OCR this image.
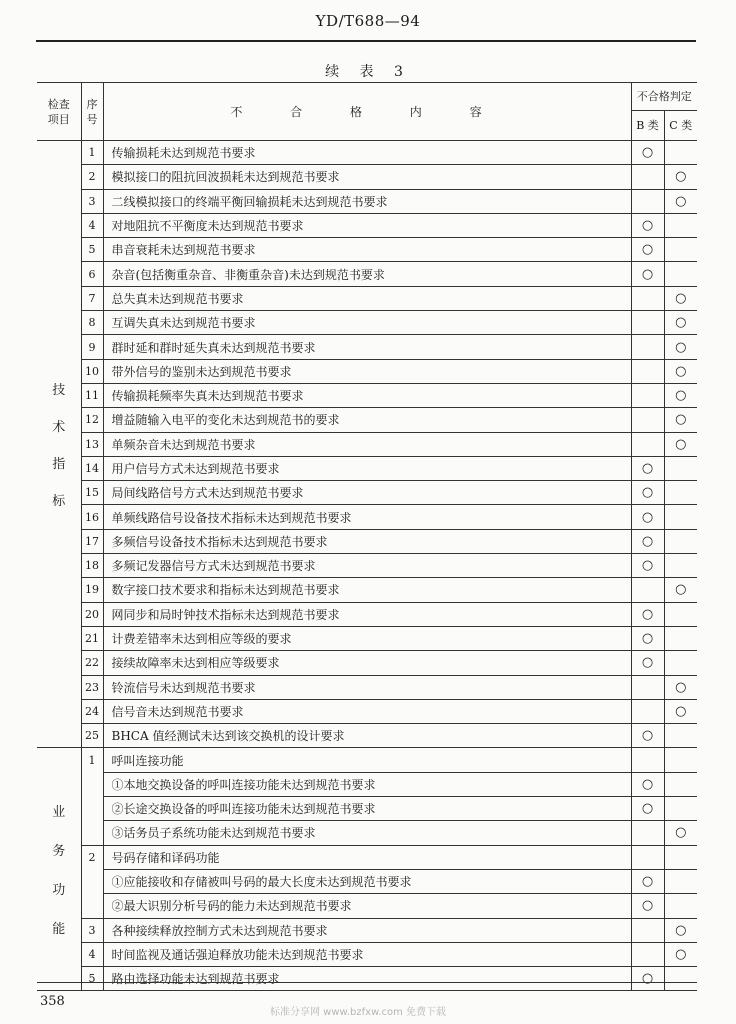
YD/T688—94
续 表 3
检查项目	序号	不 合 格 内 容	不合格判定	
			B 类	C 类

技
术
指
标	1	传输损耗未达到规范书要求	○	
	2	模拟接口的阻抗回波损耗未达到规范书要求		○
	3	二线模拟接口的终端平衡回输损耗未达到规范书要求		○
	4	对地阻抗不平衡度未达到规范书要求	○	
	5	串音衰耗未达到规范书要求	○	
	6	杂音(包括衡重杂音、非衡重杂音)未达到规范书要求	○	
	7	总失真未达到规范书要求		○
	8	互调失真未达到规范书要求		○
	9	群时延和群时延失真未达到规范书要求		○
	10	带外信号的鉴别未达到规范书要求		○
	11	传输损耗频率失真未达到规范书要求		○
	12	增益随输入电平的变化未达到规范书的要求		○
	13	单频杂音未达到规范书要求		○
	14	用户信号方式未达到规范书要求	○	
	15	局间线路信号方式未达到规范书要求	○	
	16	单频线路信号设备技术指标未达到规范书要求	○	
	17	多频信号设备技术指标未达到规范书要求	○	
	18	多频记发器信号方式未达到规范书要求	○	
	19	数字接口技术要求和指标未达到规范书要求		○
	20	网同步和局时钟技术指标未达到规范书要求	○	
	21	计费差错率未达到相应等级的要求	○	
	22	接续故障率未达到相应等级要求	○	
	23	铃流信号未达到规范书要求		○
	24	信号音未达到规范书要求		○
	25	BHCA 值经测试未达到该交换机的设计要求	○	

业
务
功
能	1	呼叫连接功能		
		①本地交换设备的呼叫连接功能未达到规范书要求	○	
		②长途交换设备的呼叫连接功能未达到规范书要求	○	
		③话务员子系统功能未达到规范书要求		○
	2	号码存储和译码功能		
		①应能接收和存储被叫号码的最大长度未达到规范书要求	○	
		②最大识别分析号码的能力未达到规范书要求	○	
	3	各种接续释放控制方式未达到规范书要求		○
	4	时间监视及通话强迫释放功能未达到规范书要求		○
	5	路由选择功能未达到规范书要求	○	
358
标准分享网 www.bzfxw.com 免费下载
